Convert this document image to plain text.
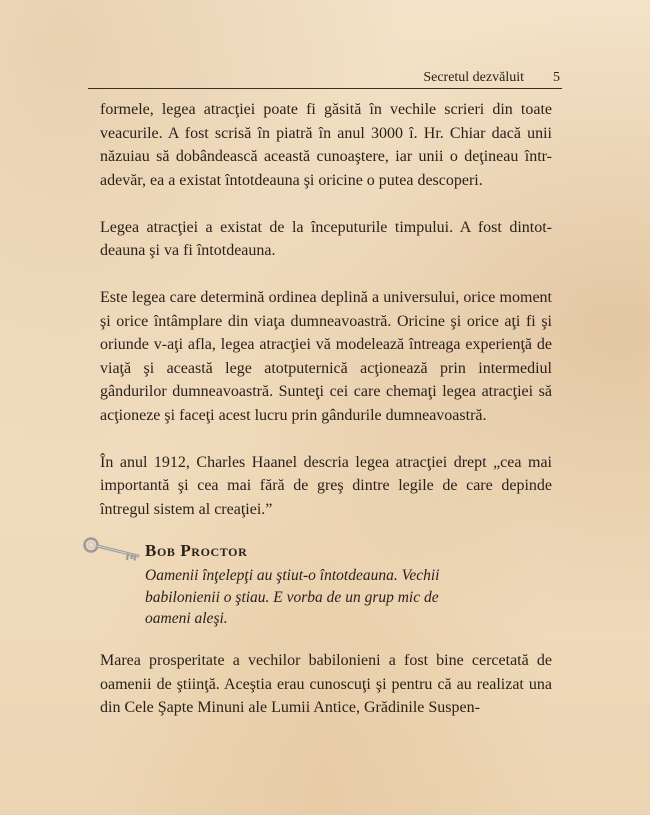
Secretul dezvăluit 5

formele, legea atracţiei poate fi găsită în vechile scrieri din toate veacurile. A fost scrisă în piatră în anul 3000 î. Hr. Chiar dacă unii năzuiau să dobândească această cunoaştere, iar unii o deţineau într-adevăr, ea a existat întotdeauna şi oricine o putea descoperi.

Legea atracţiei a existat de la începuturile timpului. A fost dintot-deauna şi va fi întotdeauna.

Este legea care determină ordinea deplină a universului, orice moment şi orice întâmplare din viaţa dumneavoastră. Oricine şi orice aţi fi şi oriunde v-aţi afla, legea atracţiei vă modelează întreaga experienţă de viaţă şi această lege atotputernică acţionează prin intermediul gândurilor dumneavoastră. Sunteţi cei care chemaţi legea atracţiei să acţioneze şi faceţi acest lucru prin gândurile dumneavoastră.

În anul 1912, Charles Haanel descria legea atracţiei drept „cea mai importantă şi cea mai fără de greş dintre legile de care depinde întregul sistem al creaţiei.”

Bob Proctor
Oamenii înţelepţi au ştiut-o întotdeauna. Vechii babilonienii o ştiau. E vorba de un grup mic de oameni aleşi.

Marea prosperitate a vechilor babilonieni a fost bine cercetată de oamenii de ştiinţă. Aceştia erau cunoscuţi şi pentru că au realizat una din Cele Şapte Minuni ale Lumii Antice, Grădinile Suspen-
